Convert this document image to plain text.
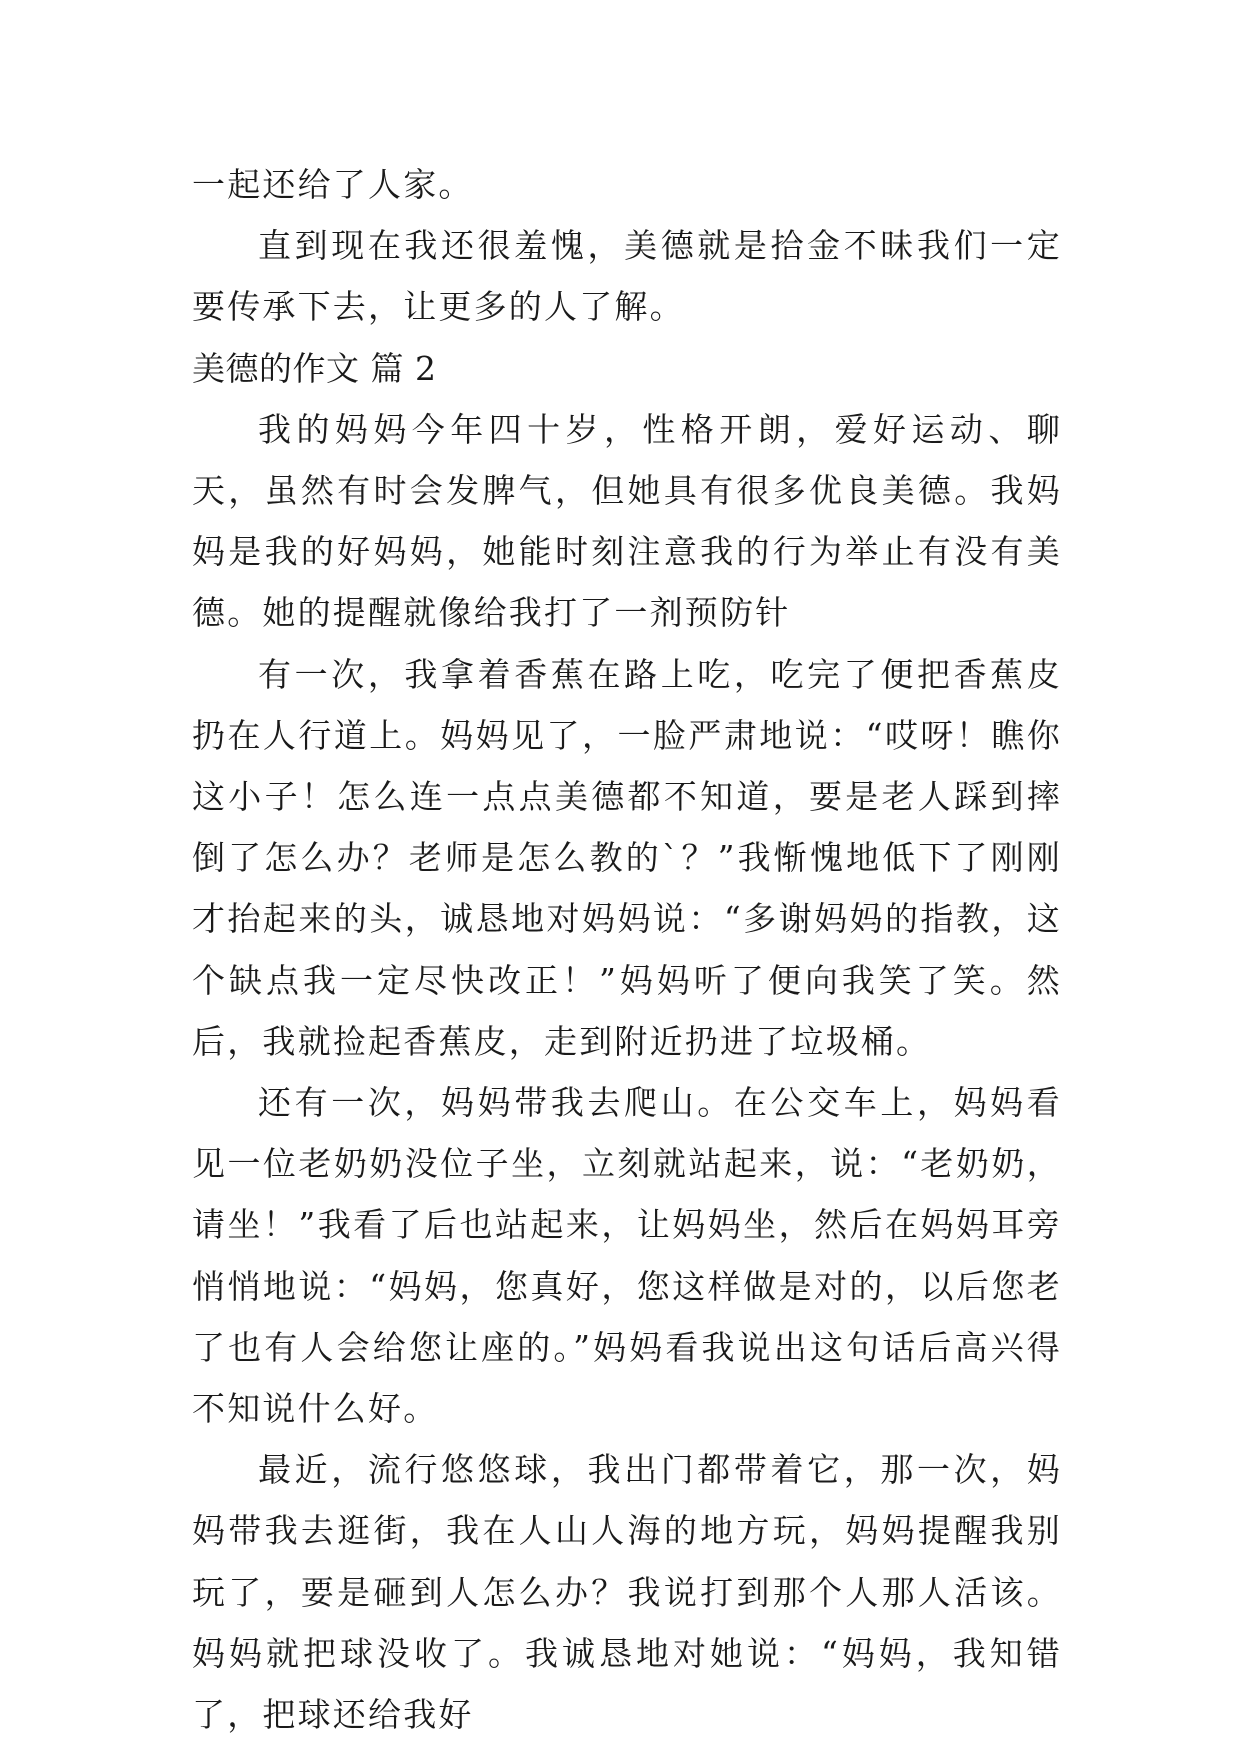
一起还给了人家。

直到现在我还很羞愧，美德就是拾金不昧我们一定要传承下去，让更多的人了解。

美德的作文 篇 2

我的妈妈今年四十岁，性格开朗，爱好运动、聊天，虽然有时会发脾气，但她具有很多优良美德。我妈妈是我的好妈妈，她能时刻注意我的行为举止有没有美德。她的提醒就像给我打了一剂预防针

有一次，我拿着香蕉在路上吃，吃完了便把香蕉皮扔在人行道上。妈妈见了，一脸严肃地说：“哎呀！瞧你这小子！怎么连一点点美德都不知道，要是老人踩到摔倒了怎么办？老师是怎么教的`？”我惭愧地低下了刚刚才抬起来的头，诚恳地对妈妈说：“多谢妈妈的指教，这个缺点我一定尽快改正！”妈妈听了便向我笑了笑。然后，我就捡起香蕉皮，走到附近扔进了垃圾桶。

还有一次，妈妈带我去爬山。在公交车上，妈妈看见一位老奶奶没位子坐，立刻就站起来，说：“老奶奶，请坐！”我看了后也站起来，让妈妈坐，然后在妈妈耳旁悄悄地说：“妈妈，您真好，您这样做是对的，以后您老了也有人会给您让座的。”妈妈看我说出这句话后高兴得不知说什么好。

最近，流行悠悠球，我出门都带着它，那一次，妈妈带我去逛街，我在人山人海的地方玩，妈妈提醒我别玩了，要是砸到人怎么办？我说打到那个人那人活该。妈妈就把球没收了。我诚恳地对她说：“妈妈，我知错了，把球还给我好
